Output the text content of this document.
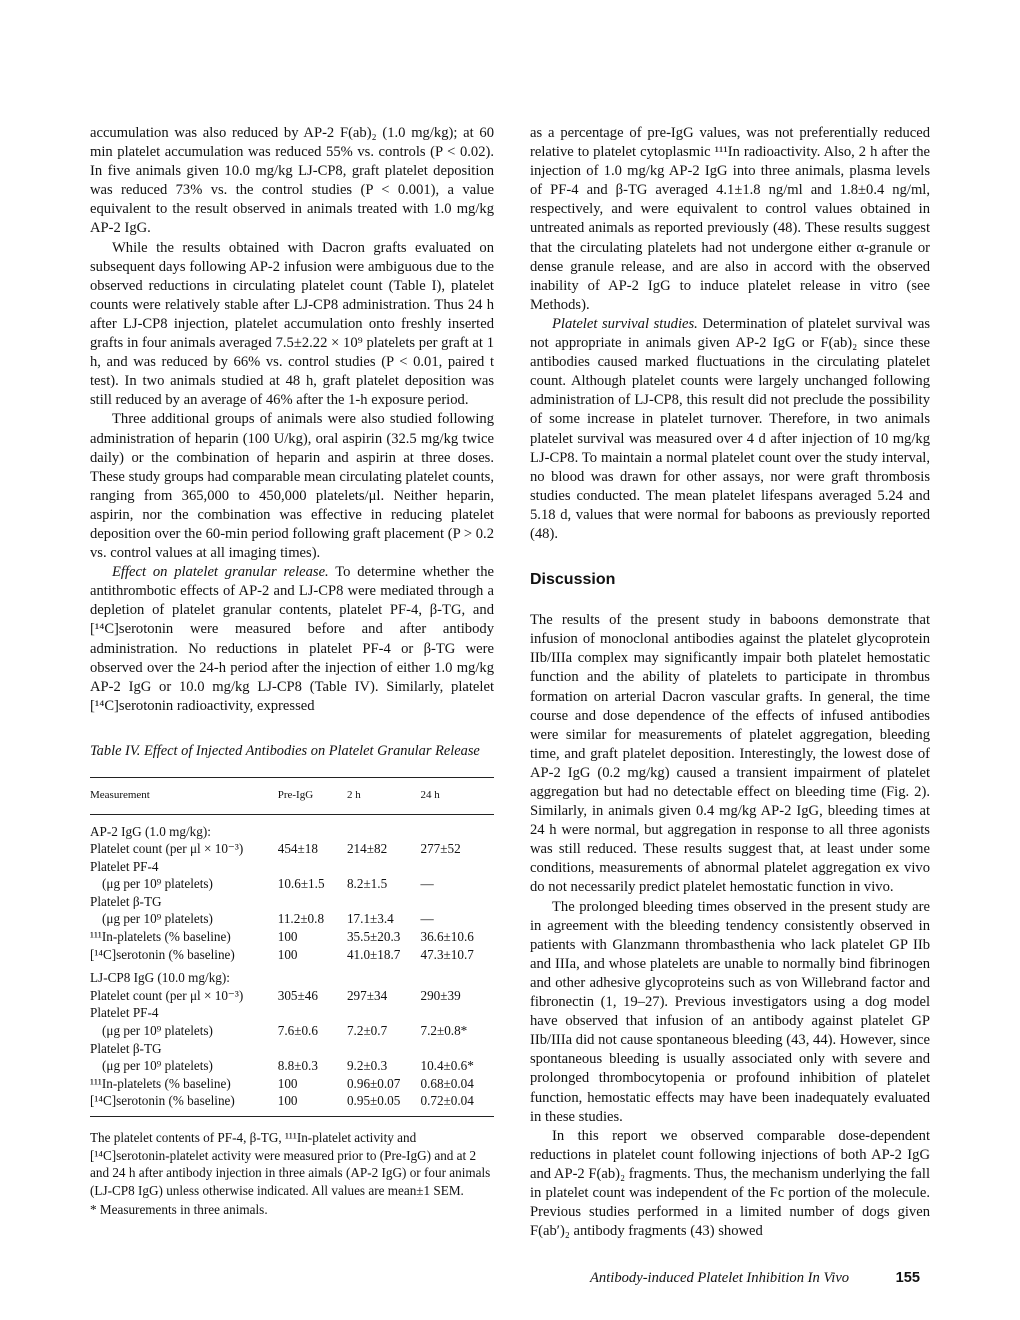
accumulation was also reduced by AP-2 F(ab)₂ (1.0 mg/kg); at 60 min platelet accumulation was reduced 55% vs. controls (P < 0.02). In five animals given 10.0 mg/kg LJ-CP8, graft platelet deposition was reduced 73% vs. the control studies (P < 0.001), a value equivalent to the result observed in animals treated with 1.0 mg/kg AP-2 IgG.

While the results obtained with Dacron grafts evaluated on subsequent days following AP-2 infusion were ambiguous due to the observed reductions in circulating platelet count (Table I), platelet counts were relatively stable after LJ-CP8 administration. Thus 24 h after LJ-CP8 injection, platelet accumulation onto freshly inserted grafts in four animals averaged 7.5±2.22 × 10⁹ platelets per graft at 1 h, and was reduced by 66% vs. control studies (P < 0.01, paired t test). In two animals studied at 48 h, graft platelet deposition was still reduced by an average of 46% after the 1-h exposure period.

Three additional groups of animals were also studied following administration of heparin (100 U/kg), oral aspirin (32.5 mg/kg twice daily) or the combination of heparin and aspirin at three doses. These study groups had comparable mean circulating platelet counts, ranging from 365,000 to 450,000 platelets/μl. Neither heparin, aspirin, nor the combination was effective in reducing platelet deposition over the 60-min period following graft placement (P > 0.2 vs. control values at all imaging times).

Effect on platelet granular release. To determine whether the antithrombotic effects of AP-2 and LJ-CP8 were mediated through a depletion of platelet granular contents, platelet PF-4, β-TG, and [¹⁴C]serotonin were measured before and after antibody administration. No reductions in platelet PF-4 or β-TG were observed over the 24-h period after the injection of either 1.0 mg/kg AP-2 IgG or 10.0 mg/kg LJ-CP8 (Table IV). Similarly, platelet [¹⁴C]serotonin radioactivity, expressed

Table IV. Effect of Injected Antibodies on Platelet Granular Release
Measurement	Pre-IgG	2 h	24 h
AP-2 IgG (1.0 mg/kg):			
Platelet count (per μl × 10⁻³)	454±18	214±82	277±52
Platelet PF-4			
(μg per 10⁹ platelets)	10.6±1.5	8.2±1.5	—
Platelet β-TG			
(μg per 10⁹ platelets)	11.2±0.8	17.1±3.4	—
¹¹¹In-platelets (% baseline)	100	35.5±20.3	36.6±10.6
[¹⁴C]serotonin (% baseline)	100	41.0±18.7	47.3±10.7
LJ-CP8 IgG (10.0 mg/kg):			
Platelet count (per μl × 10⁻³)	305±46	297±34	290±39
Platelet PF-4			
(μg per 10⁹ platelets)	7.6±0.6	7.2±0.7	7.2±0.8*
Platelet β-TG			
(μg per 10⁹ platelets)	8.8±0.3	9.2±0.3	10.4±0.6*
¹¹¹In-platelets (% baseline)	100	0.96±0.07	0.68±0.04
[¹⁴C]serotonin (% baseline)	100	0.95±0.05	0.72±0.04
The platelet contents of PF-4, β-TG, ¹¹¹In-platelet activity and [¹⁴C]serotonin-platelet activity were measured prior to (Pre-IgG) and at 2 and 24 h after antibody injection in three aimals (AP-2 IgG) or four animals (LJ-CP8 IgG) unless otherwise indicated. All values are mean±1 SEM.
* Measurements in three animals.

as a percentage of pre-IgG values, was not preferentially reduced relative to platelet cytoplasmic ¹¹¹In radioactivity. Also, 2 h after the injection of 1.0 mg/kg AP-2 IgG into three animals, plasma levels of PF-4 and β-TG averaged 4.1±1.8 ng/ml and 1.8±0.4 ng/ml, respectively, and were equivalent to control values obtained in untreated animals as reported previously (48). These results suggest that the circulating platelets had not undergone either α-granule or dense granule release, and are also in accord with the observed inability of AP-2 IgG to induce platelet release in vitro (see Methods).

Platelet survival studies. Determination of platelet survival was not appropriate in animals given AP-2 IgG or F(ab)₂ since these antibodies caused marked fluctuations in the circulating platelet count. Although platelet counts were largely unchanged following administration of LJ-CP8, this result did not preclude the possibility of some increase in platelet turnover. Therefore, in two animals platelet survival was measured over 4 d after injection of 10 mg/kg LJ-CP8. To maintain a normal platelet count over the study interval, no blood was drawn for other assays, nor were graft thrombosis studies conducted. The mean platelet lifespans averaged 5.24 and 5.18 d, values that were normal for baboons as previously reported (48).

Discussion

The results of the present study in baboons demonstrate that infusion of monoclonal antibodies against the platelet glycoprotein IIb/IIIa complex may significantly impair both platelet hemostatic function and the ability of platelets to participate in thrombus formation on arterial Dacron vascular grafts. In general, the time course and dose dependence of the effects of infused antibodies were similar for measurements of platelet aggregation, bleeding time, and graft platelet deposition. Interestingly, the lowest dose of AP-2 IgG (0.2 mg/kg) caused a transient impairment of platelet aggregation but had no detectable effect on bleeding time (Fig. 2). Similarly, in animals given 0.4 mg/kg AP-2 IgG, bleeding times at 24 h were normal, but aggregation in response to all three agonists was still reduced. These results suggest that, at least under some conditions, measurements of abnormal platelet aggregation ex vivo do not necessarily predict platelet hemostatic function in vivo.

The prolonged bleeding times observed in the present study are in agreement with the bleeding tendency consistently observed in patients with Glanzmann thrombasthenia who lack platelet GP IIb and IIIa, and whose platelets are unable to normally bind fibrinogen and other adhesive glycoproteins such as von Willebrand factor and fibronectin (1, 19–27). Previous investigators using a dog model have observed that infusion of an antibody against platelet GP IIb/IIIa did not cause spontaneous bleeding (43, 44). However, since spontaneous bleeding is usually associated only with severe and prolonged thrombocytopenia or profound inhibition of platelet function, hemostatic effects may have been inadequately evaluated in these studies.

In this report we observed comparable dose-dependent reductions in platelet count following injections of both AP-2 IgG and AP-2 F(ab)₂ fragments. Thus, the mechanism underlying the fall in platelet count was independent of the Fc portion of the molecule. Previous studies performed in a limited number of dogs given F(ab′)₂ antibody fragments (43) showed

Antibody-induced Platelet Inhibition In Vivo	155
